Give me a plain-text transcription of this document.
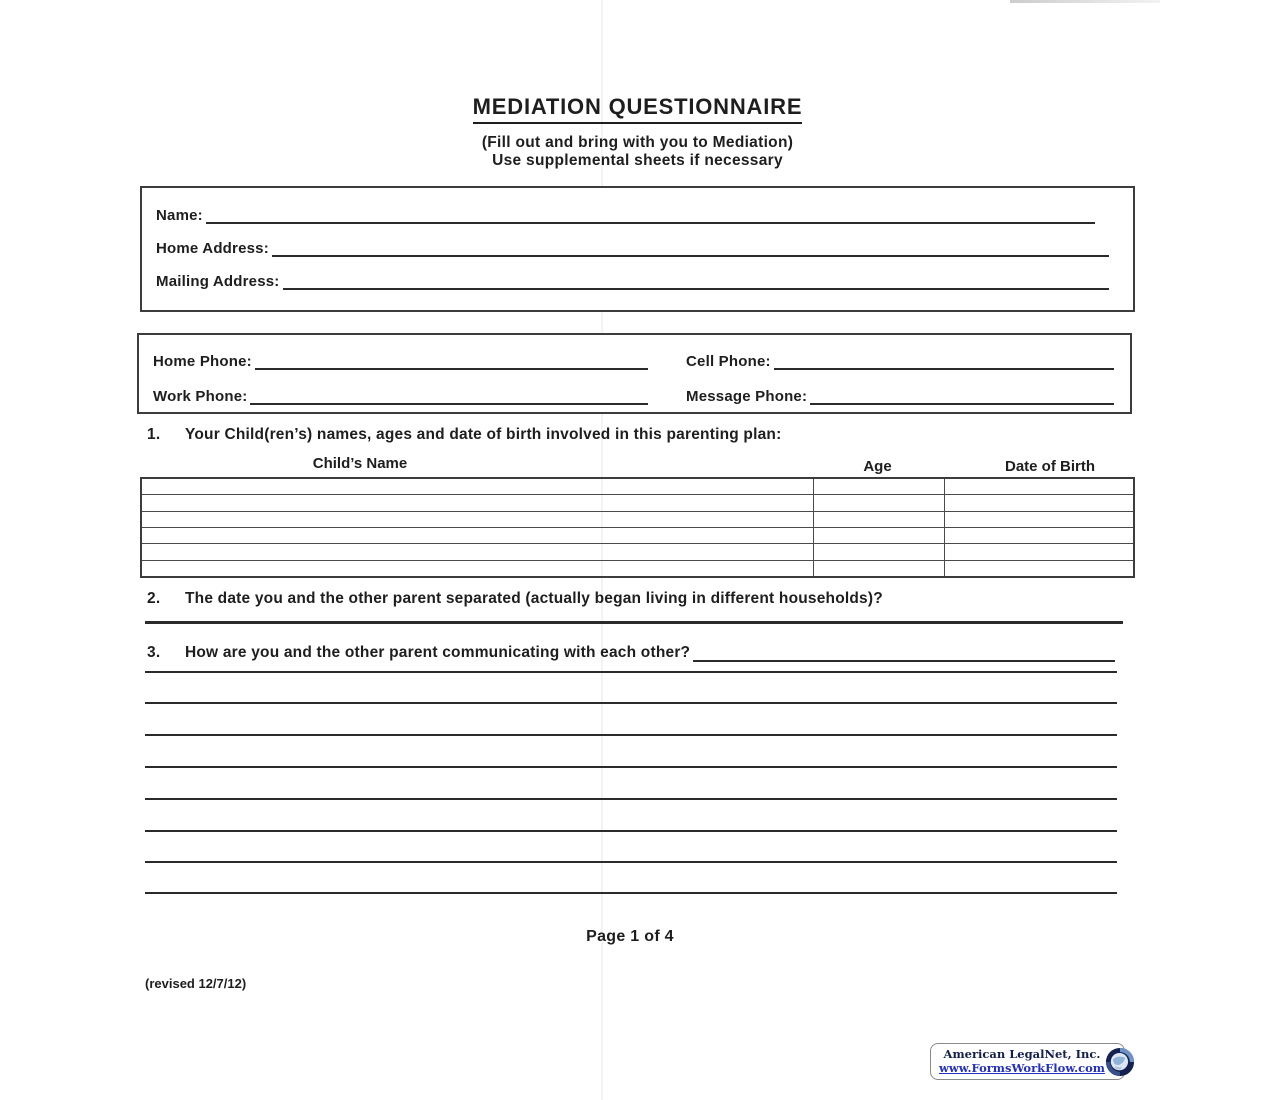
MEDIATION QUESTIONNAIRE
(Fill out and bring with you to Mediation)
Use supplemental sheets if necessary
Name:
Home Address:
Mailing Address:
Home Phone:	Cell Phone:
Work Phone:	Message Phone:
1.	Your Child(ren’s) names, ages and date of birth involved in this parenting plan:
Child’s Name	Age	Date of Birth
2.	The date you and the other parent separated (actually began living in different households)?
3.	How are you and the other parent communicating with each other?
Page 1 of 4
(revised 12/7/12)
American LegalNet, Inc.
www.FormsWorkFlow.com
